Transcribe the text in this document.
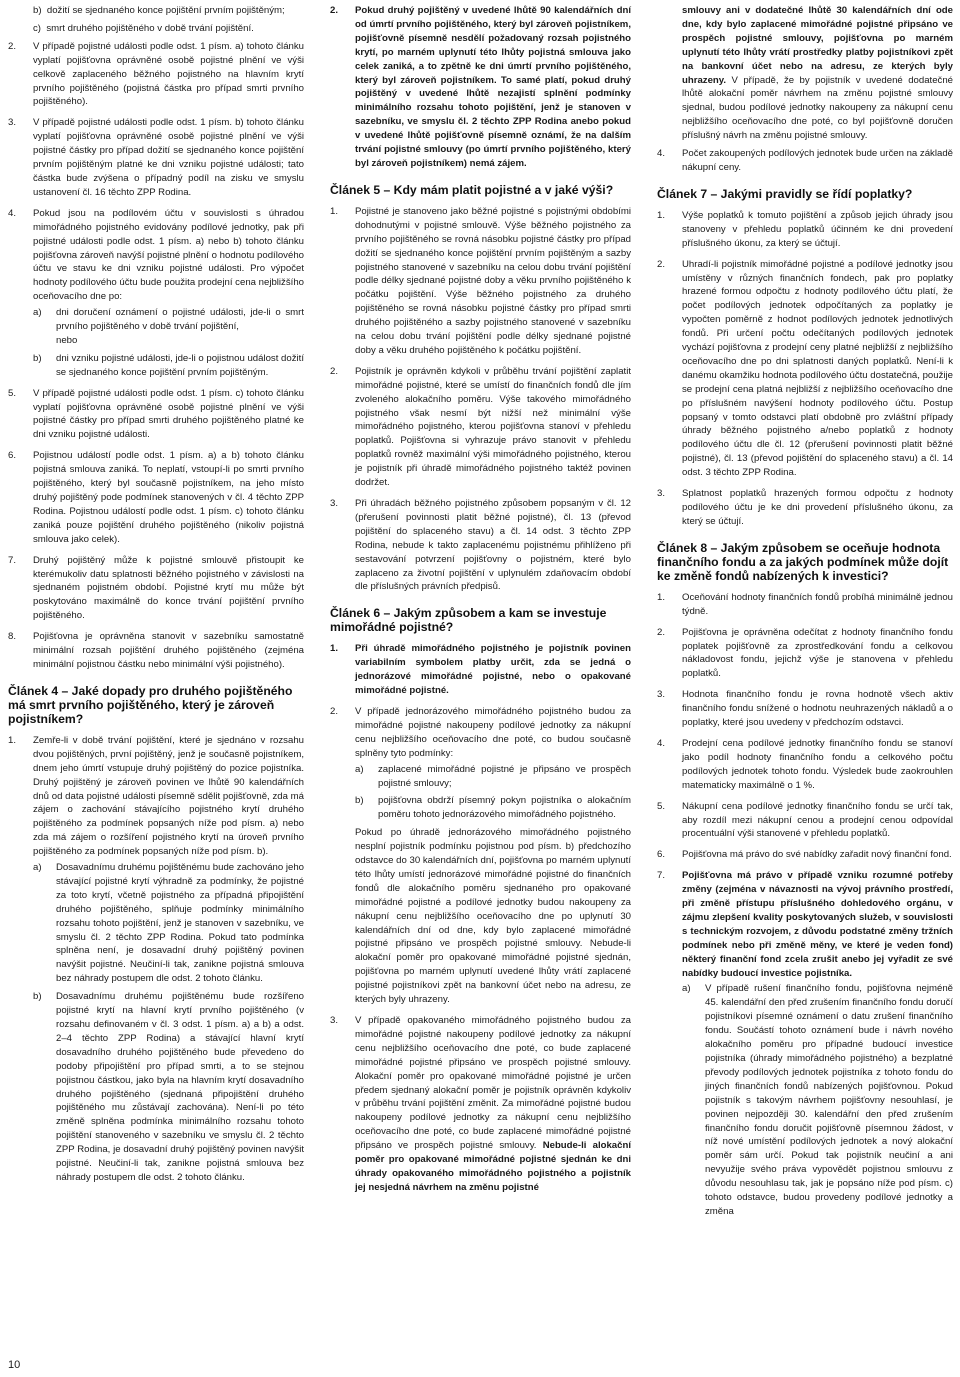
b)  dožití se sjednaného konce pojištění prvním pojištěným;
c)  smrt druhého pojištěného v době trvání pojištění.
2. V případě pojistné události podle odst. 1 písm. a) tohoto článku vyplatí pojišťovna oprávněné osobě pojistné plnění ve výši celkově zaplaceného běžného pojistného na hlavním krytí prvního pojištěného (pojistná částka pro případ smrti prvního pojištěného).
3. V případě pojistné události podle odst. 1 písm. b) tohoto článku vyplatí pojišťovna oprávněné osobě pojistné plnění ve výši pojistné částky pro případ dožití se sjednaného konce pojištění prvním pojištěným platné ke dni vzniku pojistné události; tato částka bude zvýšena o případný podíl na zisku ve smyslu ustanovení čl. 16 těchto ZPP Rodina.
4. Pokud jsou na podílovém účtu v souvislosti s úhradou mimořádného pojistného evidovány podílové jednotky, pak při pojistné události podle odst. 1 písm. a) nebo b) tohoto článku pojišťovna zároveň navýší pojistné plnění o hodnotu podílového účtu ve stavu ke dni vzniku pojistné události. Pro výpočet hodnoty podílového účtu bude použita prodejní cena nejbližšího oceňovacího dne po:
a) dni doručení oznámení o pojistné události, jde-li o smrt prvního pojištěného v době trvání pojištění,
nebo
b) dni vzniku pojistné události, jde-li o pojistnou událost dožití se sjednaného konce pojištění prvním pojištěným.
5. V případě pojistné události podle odst. 1 písm. c) tohoto článku vyplatí pojišťovna oprávněné osobě pojistné plnění ve výši pojistné částky pro případ smrti druhého pojištěného platné ke dni vzniku pojistné události.
6. Pojistnou událostí podle odst. 1 písm. a) a b) tohoto článku pojistná smlouva zaniká. To neplatí, vstoupí-li po smrti prvního pojištěného, který byl současně pojistníkem, na jeho místo druhý pojištěný pode podmínek stanovených v čl. 4 těchto ZPP Rodina. Pojistnou událostí podle odst. 1 písm. c) tohoto článku zaniká pouze pojištění druhého pojištěného (nikoliv pojistná smlouva jako celek).
7. Druhý pojištěný může k pojistné smlouvě přistoupit ke kterémukoliv datu splatnosti běžného pojistného v závislosti na sjednaném pojistném období. Pojistné krytí mu může být poskytováno maximálně do konce trvání pojištění prvního pojištěného.
8. Pojišťovna je oprávněna stanovit v sazebníku samostatně minimální rozsah pojištění druhého pojištěného (zejména minimální pojistnou částku nebo minimální výši pojistného).
Článek 4 – Jaké dopady pro druhého pojištěného má smrt prvního pojištěného, který je zároveň pojistníkem?
1. Zemře-li v době trvání pojištění, které je sjednáno v rozsahu dvou pojištěných, první pojištěný, jenž je současně pojistníkem, dnem jeho úmrtí vstupuje druhý pojištěný do pozice pojistníka. Druhý pojištěný je zároveň povinen ve lhůtě 90 kalendářních dnů od data pojistné události písemně sdělit pojišťovně, zda má zájem o zachování stávajícího pojistného krytí druhého pojištěného za podmínek popsaných níže pod písm. a) nebo zda má zájem o rozšíření pojistného krytí na úroveň prvního pojištěného za podmínek popsaných níže pod písm. b).
a) Dosavadnímu druhému pojištěnému bude zachováno jeho stávající pojistné krytí výhradně za podmínky, že pojistné za toto krytí, včetně pojistného za případná připojištění druhého pojištěného, splňuje podmínky minimálního rozsahu tohoto pojištění, jenž je stanoven v sazebníku, ve smyslu čl. 2 těchto ZPP Rodina. Pokud tato podmínka splněna není, je dosavadní druhý pojištěný povinen navýšit pojistné. Neučiní-li tak, zanikne pojistná smlouva bez náhrady postupem dle odst. 2 tohoto článku.
b) Dosavadnímu druhému pojištěnému bude rozšířeno pojistné krytí na hlavní krytí prvního pojištěného (v rozsahu definovaném v čl. 3 odst. 1 písm. a) a b) a odst. 2–4 těchto ZPP Rodina) a stávající hlavní krytí dosavadního druhého pojištěného bude převedeno do podoby připojištění pro případ smrti, a to se stejnou pojistnou částkou, jako byla na hlavním krytí dosavadního druhého pojištěného (sjednaná připojištění druhého pojištěného mu zůstávají zachována). Není-li po této změně splněna podmínka minimálního rozsahu tohoto pojištění stanoveného v sazebníku ve smyslu čl. 2 těchto ZPP Rodina, je dosavadní druhý pojištěný povinen navýšit pojistné. Neučiní-li tak, zanikne pojistná smlouva bez náhrady postupem dle odst. 2 tohoto článku.
2. Pokud druhý pojištěný v uvedené lhůtě 90 kalendářních dní od úmrtí prvního pojištěného, který byl zároveň pojistníkem, pojišťovně písemně nesdělí požadovaný rozsah pojistného krytí, po marném uplynutí této lhůty pojistná smlouva jako celek zaniká, a to zpětně ke dni úmrtí prvního pojištěného, který byl zároveň pojistníkem. To samé platí, pokud druhý pojištěný v uvedené lhůtě nezajistí splnění podmínky minimálního rozsahu tohoto pojištění, jenž je stanoven v sazebníku, ve smyslu čl. 2 těchto ZPP Rodina anebo pokud v uvedené lhůtě pojišťovně písemně oznámí, že na dalším trvání pojistné smlouvy (po úmrtí prvního pojištěného, který byl zároveň pojistníkem) nemá zájem.
Článek 5 – Kdy mám platit pojistné a v jaké výši?
1. Pojistné je stanoveno jako běžné pojistné s pojistnými obdobími dohodnutými v pojistné smlouvě. Výše běžného pojistného za prvního pojištěného se rovná násobku pojistné částky pro případ dožití se sjednaného konce pojištění prvním pojištěným a sazby pojistného stanovené v sazebníku na celou dobu trvání pojištění podle délky sjednané pojistné doby a věku prvního pojištěného k počátku pojištění. Výše běžného pojistného za druhého pojištěného se rovná násobku pojistné částky pro případ smrti druhého pojištěného a sazby pojistného stanovené v sazebníku na celou dobu trvání pojištění podle délky sjednané pojistné doby a věku druhého pojištěného k počátku pojištění.
2. Pojistník je oprávněn kdykoli v průběhu trvání pojištění zaplatit mimořádné pojistné, které se umístí do finančních fondů dle jím zvoleného alokačního poměru. Výše takového mimořádného pojistného však nesmí být nižší než minimální výše mimořádného pojistného, kterou pojišťovna stanoví v přehledu poplatků. Pojišťovna si vyhrazuje právo stanovit v přehledu poplatků rovněž maximální výši mimořádného pojistného, kterou je pojistník při úhradě mimořádného pojistného taktéž povinen dodržet.
3. Při úhradách běžného pojistného způsobem popsaným v čl. 12 (přerušení povinnosti platit běžné pojistné), čl. 13 (převod pojištění do splaceného stavu) a čl. 14 odst. 3 těchto ZPP Rodina, nebude k takto zaplacenému pojistnému přihlíženo při sestavování potvrzení pojišťovny o pojistném, které bylo zaplaceno za životní pojištění v uplynulém zdaňovacím období dle příslušných právních předpisů.
Článek 6 – Jakým způsobem a kam se investuje mimořádné pojistné?
1. Při úhradě mimořádného pojistného je pojistník povinen variabilním symbolem platby určit, zda se jedná o jednorázové mimořádné pojistné, nebo o opakované mimořádné pojistné.
2. V případě jednorázového mimořádného pojistného budou za mimořádné pojistné nakoupeny podílové jednotky za nákupní cenu nejbližšího oceňovacího dne poté, co budou současně splněny tyto podmínky:
a) zaplacené mimořádné pojistné je připsáno ve prospěch pojistné smlouvy;
b) pojišťovna obdrží písemný pokyn pojistníka o alokačním poměru tohoto jednorázového mimořádného pojistného.
Pokud po úhradě jednorázového mimořádného pojistného nesplní pojistník podmínku pojistnou pod písm. b) předchozího odstavce do 30 kalendářních dní, pojišťovna po marném uplynutí této lhůty umístí jednorázové mimořádné pojistné do finančních fondů dle alokačního poměru sjednaného pro opakované mimořádné pojistné a podílové jednotky budou nakoupeny za nákupní cenu nejbližšího oceňovacího dne po uplynutí 30 kalendářních dní od dne, kdy bylo zaplacené mimořádné pojistné připsáno ve prospěch pojistné smlouvy. Nebude-li alokační poměr pro opakované mimořádné pojistné sjednán, pojišťovna po marném uplynutí uvedené lhůty vrátí zaplacené pojistné pojistníkovi zpět na bankovní účet nebo na adresu, ze kterých byly uhrazeny.
3. V případě opakovaného mimořádného pojistného budou za mimořádné pojistné nakoupeny podílové jednotky za nákupní cenu nejbližšího oceňovacího dne poté, co bude zaplacené mimořádné pojistné připsáno ve prospěch pojistné smlouvy. Alokační poměr pro opakované mimořádné pojistné je určen předem sjednaný alokační poměr je pojistník oprávněn kdykoliv v průběhu trvání pojištění změnit. Za mimořádné pojistné budou nakoupeny podílové jednotky za nákupní cenu nejbližšího oceňovacího dne poté, co bude zaplacené mimořádné pojistné připsáno ve prospěch pojistné smlouvy. Nebude-li alokační poměr pro opakované mimořádné pojistné sjednán ke dni úhrady opakovaného mimořádného pojistného a pojistník jej nesjedná návrhem na změnu pojistné
smlouvy ani v dodatečné lhůtě 30 kalendářních dní ode dne, kdy bylo zaplacené mimořádné pojistné připsáno ve prospěch pojistné smlouvy, pojišťovna po marném uplynutí této lhůty vrátí prostředky platby pojistníkovi zpět na bankovní účet nebo na adresu, ze kterých byly uhrazeny. V případě, že by pojistník v uvedené dodatečné lhůtě alokační poměr návrhem na změnu pojistné smlouvy sjednal, budou podílové jednotky nakoupeny za nákupní cenu nejbližšího oceňovacího dne poté, co byl pojišťovně doručen příslušný návrh na změnu pojistné smlouvy.
4. Počet zakoupených podílových jednotek bude určen na základě nákupní ceny.
Článek 7 – Jakými pravidly se řídí poplatky?
1. Výše poplatků k tomuto pojištění a způsob jejich úhrady jsou stanoveny v přehledu poplatků účinném ke dni provedení příslušného úkonu, za který se účtují.
2. Uhradí-li pojistník mimořádné pojistné a podílové jednotky jsou umístěny v různých finančních fondech, pak pro poplatky hrazené formou odpočtu z hodnoty podílového účtu platí, že počet podílových jednotek odpočítaných za poplatky je vypočten poměrně z hodnot podílových jednotek jednotlivých fondů. Při určení počtu odečítaných podílových jednotek vychází pojišťovna z prodejní ceny platné nejbližší z nejbližšího oceňovacího dne po dni splatnosti daných poplatků. Není-li k danému okamžiku hodnota podílového účtu dostatečná, použije se prodejní cena platná nejbližší z nejbližšího oceňovacího dne po příslušném navýšení hodnoty podílového účtu. Postup popsaný v tomto odstavci platí obdobně pro zvláštní případy úhrady běžného pojistného a/nebo poplatků z hodnoty podílového účtu dle čl. 12 (přerušení povinnosti platit běžné pojistné), čl. 13 (převod pojištění do splaceného stavu) a čl. 14 odst. 3 těchto ZPP Rodina.
3. Splatnost poplatků hrazených formou odpočtu z hodnoty podílového účtu je ke dni provedení příslušného úkonu, za který se účtují.
Článek 8 – Jakým způsobem se oceňuje hodnota finančního fondu a za jakých podmínek může dojít ke změně fondů nabízených k investici?
1. Oceňování hodnoty finančních fondů probíhá minimálně jednou týdně.
2. Pojišťovna je oprávněna odečítat z hodnoty finančního fondu poplatek pojišťovně za zprostředkování fondu a celkovou nákladovost fondu, jejichž výše je stanovena v přehledu poplatků.
3. Hodnota finančního fondu je rovna hodnotě všech aktiv finančního fondu snížené o hodnotu neuhrazených nákladů a o poplatky, které jsou uvedeny v předchozím odstavci.
4. Prodejní cena podílové jednotky finančního fondu se stanoví jako podíl hodnoty finančního fondu a celkového počtu podílových jednotek tohoto fondu. Výsledek bude zaokrouhlen matematicky maximálně o 1 %.
5. Nákupní cena podílové jednotky finančního fondu se určí tak, aby rozdíl mezi nákupní cenou a prodejní cenou odpovídal procentuální výši stanovené v přehledu poplatků.
6. Pojišťovna má právo do své nabídky zařadit nový finanční fond.
7. Pojišťovna má právo v případě vzniku rozumné potřeby změny (zejména v návaznosti na vývoj právního prostředí, při změně přístupu příslušného dohledového orgánu, v zájmu zlepšení kvality poskytovaných služeb, v souvislosti s technickým rozvojem, z důvodu podstatné změny tržních podmínek nebo při změně měny, ve které je veden fond) některý finanční fond zcela zrušit anebo jej vyřadit ze své nabídky budoucí investice pojistníka.
a) V případě rušení finančního fondu, pojišťovna nejméně 45. kalendářní den před zrušením finančního fondu doručí pojistníkovi písemné oznámení o datu zrušení finančního fondu. Součástí tohoto oznámení bude i návrh nového alokačního poměru pro případné budoucí investice pojistníka (úhrady mimořádného pojistného) a bezplatné převody podílových jednotek pojistníka z tohoto fondu do jiných finančních fondů nabízených pojišťovnou. Pokud pojistník s takovým návrhem pojišťovny nesouhlasí, je povinen nejpozději 30. kalendářní den před zrušením finančního fondu doručit pojišťovně písemnou žádost, v níž nové umístění podílových jednotek a nový alokační poměr sám určí. Pokud tak pojistník neučiní a ani nevyužije svého práva vypovědět pojistnou smlouvu z důvodu nesouhlasu tak, jak je popsáno níže pod písm. c) tohoto odstavce, budou provedeny podílové jednotky a změna
10
